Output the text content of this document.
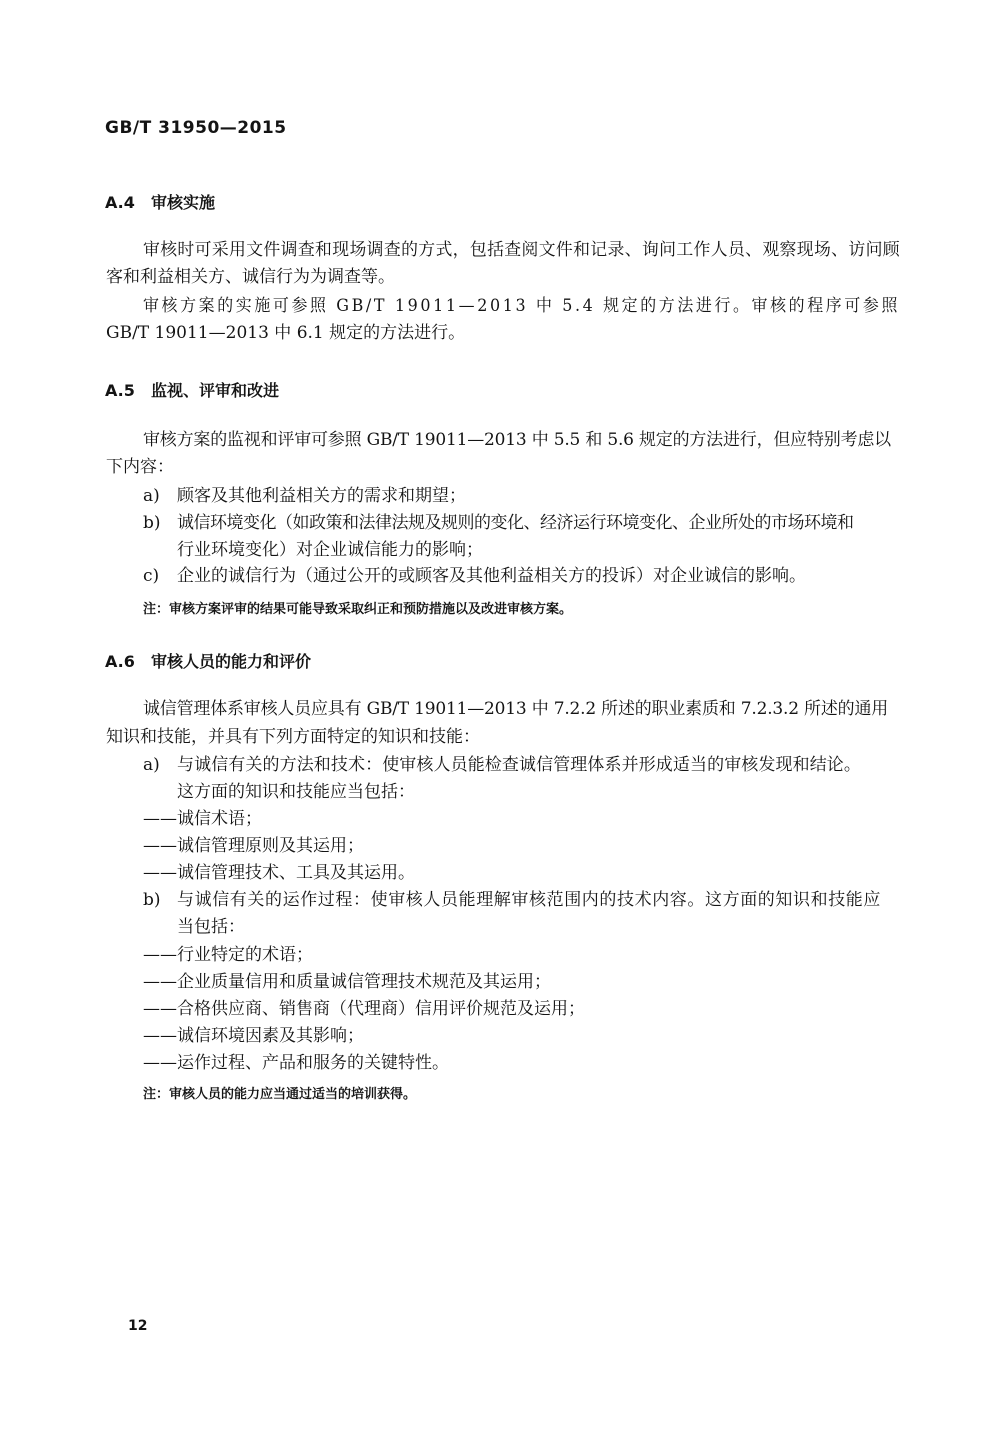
GB/T 31950—2015
A.4 审核实施
审核时可采用文件调查和现场调查的方式，包括查阅文件和记录、询问工作人员、观察现场、访问顾
客和利益相关方、诚信行为为调查等。
审核方案的实施可参照 GB/T 19011—2013 中 5.4 规定的方法进行。审核的程序可参照
GB/T 19011—2013 中 6.1 规定的方法进行。
A.5 监视、评审和改进
审核方案的监视和评审可参照 GB/T 19011—2013 中 5.5 和 5.6 规定的方法进行，但应特别考虑以
下内容：
a) 顾客及其他利益相关方的需求和期望；
b) 诚信环境变化（如政策和法律法规及规则的变化、经济运行环境变化、企业所处的市场环境和
行业环境变化）对企业诚信能力的影响；
c) 企业的诚信行为（通过公开的或顾客及其他利益相关方的投诉）对企业诚信的影响。
注：审核方案评审的结果可能导致采取纠正和预防措施以及改进审核方案。
A.6 审核人员的能力和评价
诚信管理体系审核人员应具有 GB/T 19011—2013 中 7.2.2 所述的职业素质和 7.2.3.2 所述的通用
知识和技能，并具有下列方面特定的知识和技能：
a) 与诚信有关的方法和技术：使审核人员能检查诚信管理体系并形成适当的审核发现和结论。
这方面的知识和技能应当包括：
——诚信术语；
——诚信管理原则及其运用；
——诚信管理技术、工具及其运用。
b) 与诚信有关的运作过程：使审核人员能理解审核范围内的技术内容。这方面的知识和技能应
当包括：
——行业特定的术语；
——企业质量信用和质量诚信管理技术规范及其运用；
——合格供应商、销售商（代理商）信用评价规范及运用；
——诚信环境因素及其影响；
——运作过程、产品和服务的关键特性。
注：审核人员的能力应当通过适当的培训获得。
12
